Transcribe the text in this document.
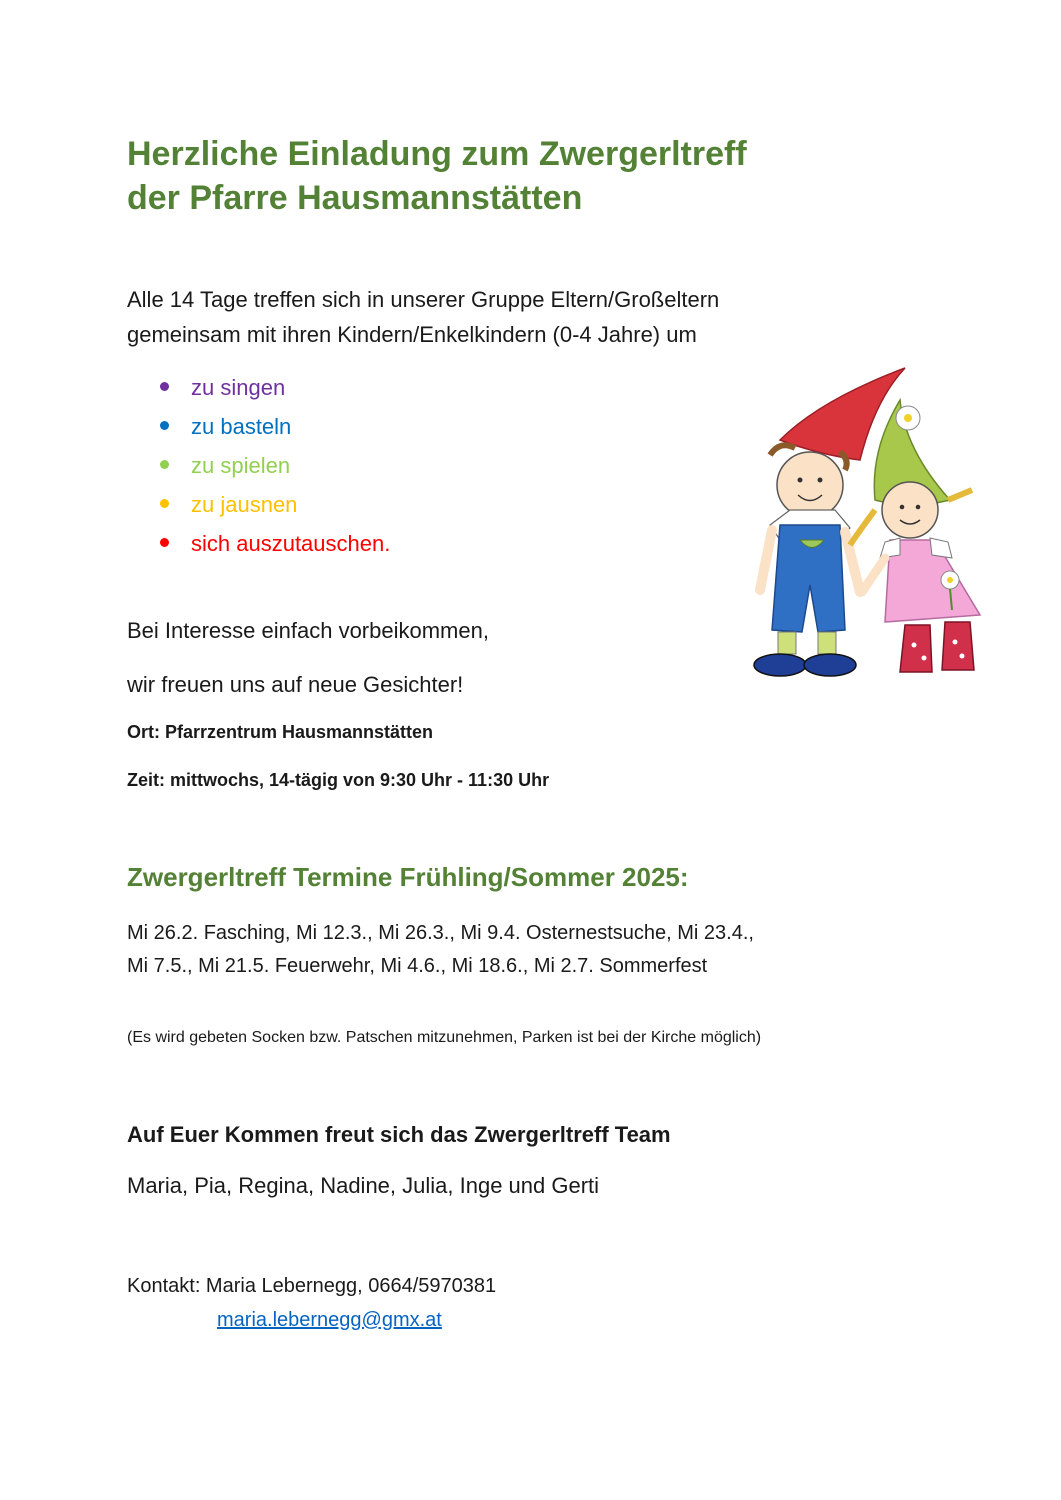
Herzliche Einladung zum Zwergerltreff
der Pfarre Hausmannstätten

Alle 14 Tage treffen sich in unserer Gruppe Eltern/Großeltern
gemeinsam mit ihren Kindern/Enkelkindern (0-4 Jahre) um

zu singen
zu basteln
zu spielen
zu jausnen
sich auszutauschen.

Bei Interesse einfach vorbeikommen,

wir freuen uns auf neue Gesichter!

Ort: Pfarrzentrum Hausmannstätten

Zeit: mittwochs, 14-tägig von 9:30 Uhr - 11:30 Uhr

Zwergerltreff Termine Frühling/Sommer 2025:

Mi 26.2. Fasching, Mi 12.3., Mi 26.3., Mi 9.4. Osternestsuche, Mi 23.4.,
Mi 7.5., Mi 21.5. Feuerwehr, Mi 4.6., Mi 18.6., Mi 2.7. Sommerfest

(Es wird gebeten Socken bzw. Patschen mitzunehmen, Parken ist bei der Kirche möglich)

Auf Euer Kommen freut sich das Zwergerltreff Team

Maria, Pia, Regina, Nadine, Julia, Inge und Gerti

Kontakt: Maria Lebernegg, 0664/5970381

maria.lebernegg@gmx.at
